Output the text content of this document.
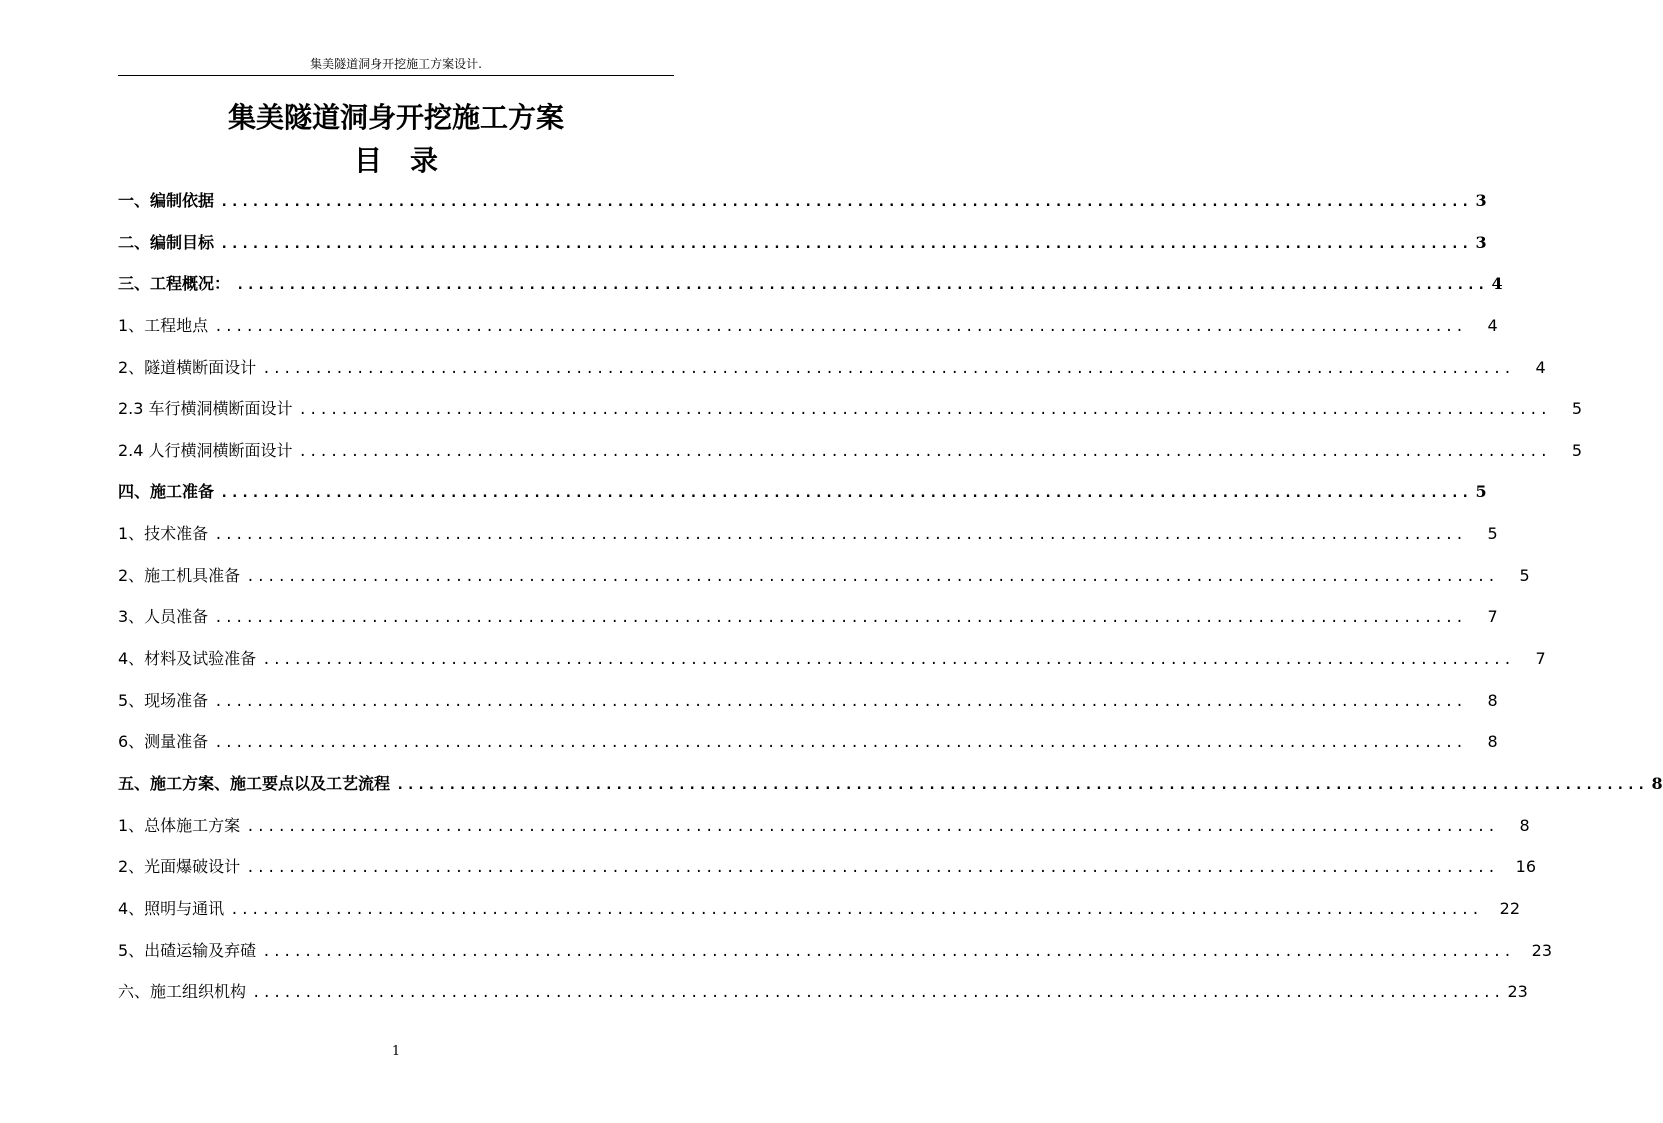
集美隧道洞身开挖施工方案设计.
集美隧道洞身开挖施工方案
目录
一、编制依据 ........................................................................................................................ 3
二、编制目标 ........................................................................................................................ 3
三、工程概况： ........................................................................................................................ 4
1、工程地点 ........................................................................................................................ 4
2、隧道横断面设计 ........................................................................................................................ 4
2.3 车行横洞横断面设计 ........................................................................................................................ 5
2.4 人行横洞横断面设计 ........................................................................................................................ 5
四、施工准备 ........................................................................................................................ 5
1、技术准备 ........................................................................................................................ 5
2、施工机具准备 ........................................................................................................................ 5
3、人员准备 ........................................................................................................................ 7
4、材料及试验准备 ........................................................................................................................ 7
5、现场准备 ........................................................................................................................ 8
6、测量准备 ........................................................................................................................ 8
五、施工方案、施工要点以及工艺流程 ........................................................................................................................ 8
1、总体施工方案 ........................................................................................................................ 8
2、光面爆破设计 ........................................................................................................................ 16
4、照明与通讯 ........................................................................................................................ 22
5、出碴运输及弃碴 ........................................................................................................................ 23
六、施工组织机构 ........................................................................................................................ 23
1
